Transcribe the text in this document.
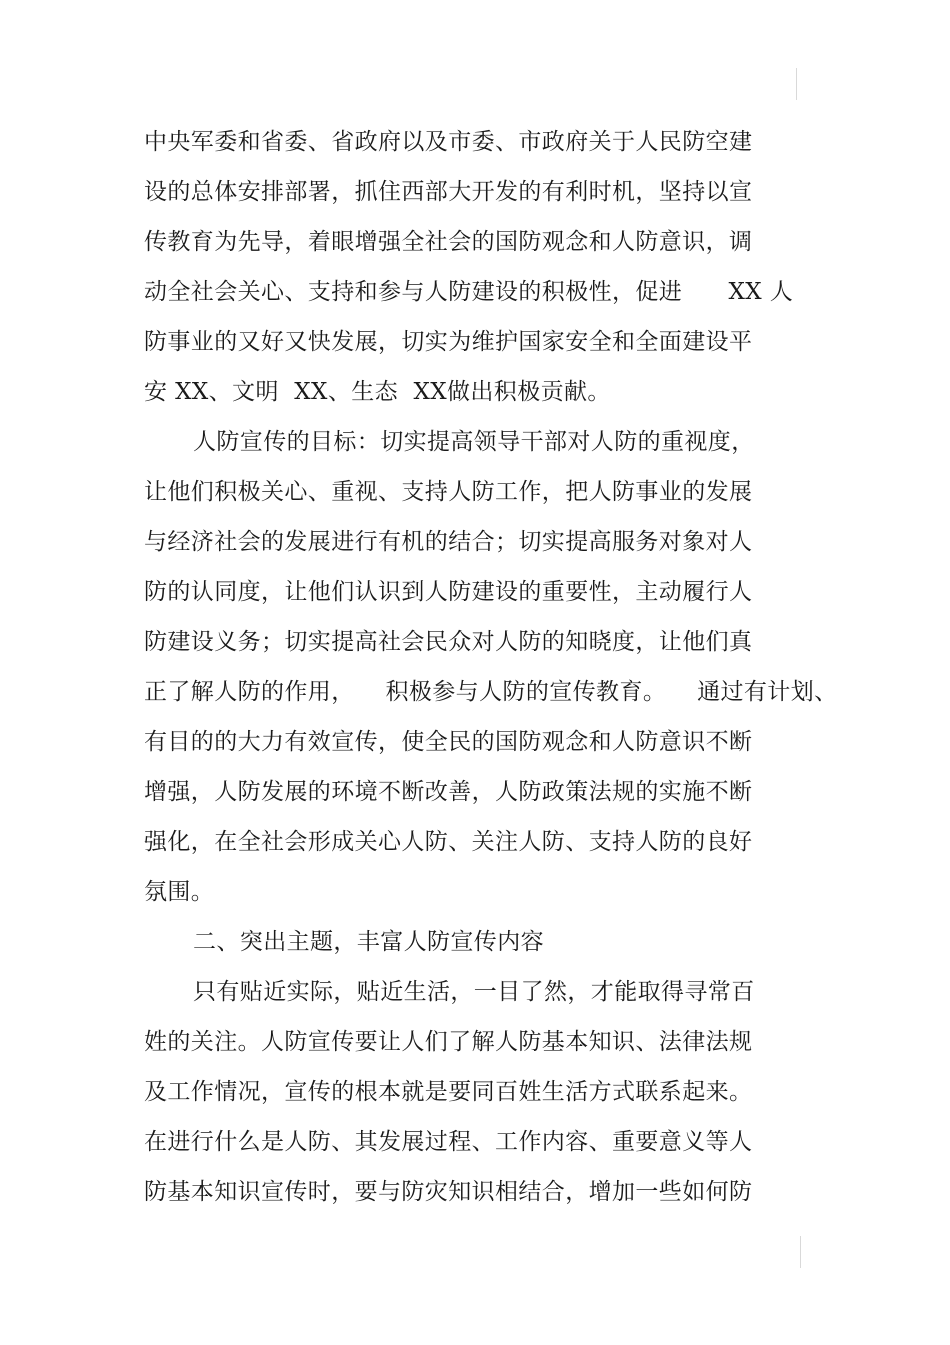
中央军委和省委、省政府以及市委、市政府关于人民防空建
设的总体安排部署，抓住西部大开发的有利时机，坚持以宣
传教育为先导，着眼增强全社会的国防观念和人防意识，调
动全社会关心、支持和参与人防建设的积极性，促进      XX 人
防事业的又好又快发展，切实为维护国家安全和全面建设平
安 XX、文明  XX、生态  XX做出积极贡献。
人防宣传的目标：切实提高领导干部对人防的重视度，
让他们积极关心、重视、支持人防工作，把人防事业的发展
与经济社会的发展进行有机的结合；切实提高服务对象对人
防的认同度，让他们认识到人防建设的重要性，主动履行人
防建设义务；切实提高社会民众对人防的知晓度，让他们真
正了解人防的作用，    积极参与人防的宣传教育。    通过有计划、
有目的的大力有效宣传，使全民的国防观念和人防意识不断
增强，人防发展的环境不断改善，人防政策法规的实施不断
强化，在全社会形成关心人防、关注人防、支持人防的良好
氛围。
二、突出主题，丰富人防宣传内容
只有贴近实际，贴近生活，一目了然，才能取得寻常百
姓的关注。人防宣传要让人们了解人防基本知识、法律法规
及工作情况，宣传的根本就是要同百姓生活方式联系起来。
在进行什么是人防、其发展过程、工作内容、重要意义等人
防基本知识宣传时，要与防灾知识相结合，增加一些如何防
